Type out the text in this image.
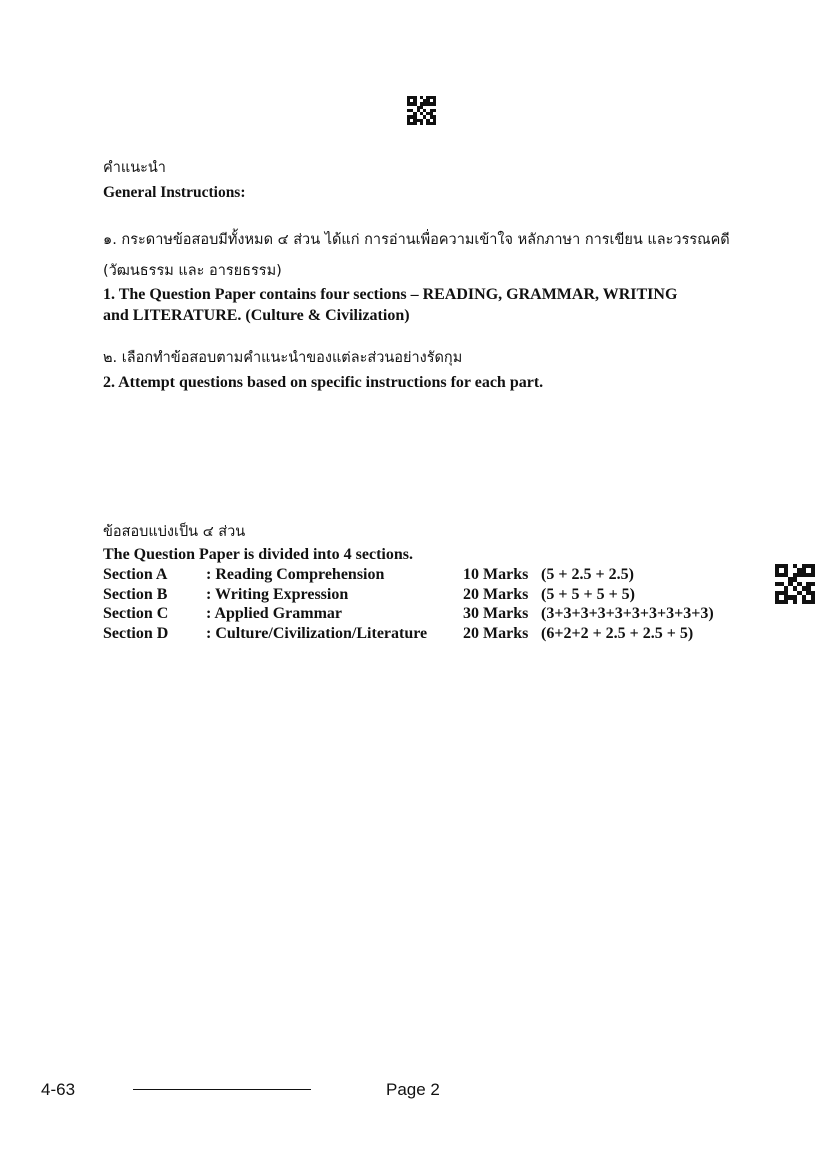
คำแนะนำ
General Instructions:
๑. กระดาษข้อสอบมีทั้งหมด ๔ ส่วน ได้แก่ การอ่านเพื่อความเข้าใจ หลักภาษา การเขียน และวรรณคดี
(วัฒนธรรม และ อารยธรรม)
1. The Question Paper contains four sections – READING, GRAMMAR, WRITING
and LITERATURE. (Culture & Civilization)
๒. เลือกทำข้อสอบตามคำแนะนำของแต่ละส่วนอย่างรัดกุม
2. Attempt questions based on specific instructions for each part.
ข้อสอบแบ่งเป็น ๔ ส่วน
The Question Paper is divided into 4 sections.
Section A : Reading Comprehension	10 Marks (5 + 2.5 + 2.5)
Section B : Writing Expression	20 Marks (5 + 5 + 5 + 5)
Section C : Applied Grammar	30 Marks (3+3+3+3+3+3+3+3+3+3)
Section D : Culture/Civilization/Literature 20 Marks (6+2+2 + 2.5 + 2.5 + 5)
4-63	Page 2
